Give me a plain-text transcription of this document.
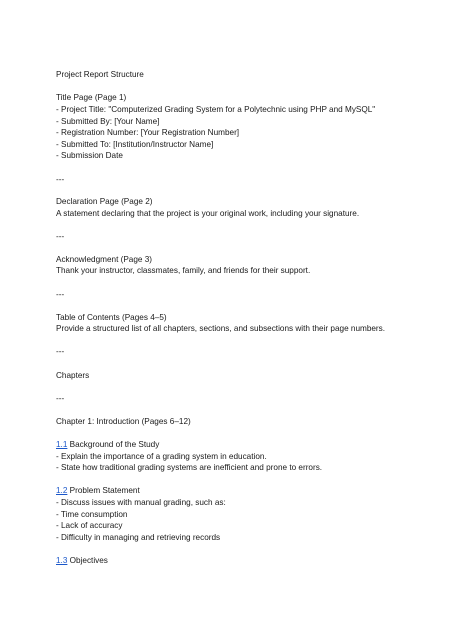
Project Report Structure
Title Page (Page 1)
- Project Title: "Computerized Grading System for a Polytechnic using PHP and MySQL"
- Submitted By: [Your Name]
- Registration Number: [Your Registration Number]
- Submitted To: [Institution/Instructor Name]
- Submission Date
---
Declaration Page (Page 2)
A statement declaring that the project is your original work, including your signature.
---
Acknowledgment (Page 3)
Thank your instructor, classmates, family, and friends for their support.
---
Table of Contents (Pages 4–5)
Provide a structured list of all chapters, sections, and subsections with their page numbers.
---
Chapters
---
Chapter 1: Introduction (Pages 6–12)
1.1 Background of the Study
- Explain the importance of a grading system in education.
- State how traditional grading systems are inefficient and prone to errors.
1.2 Problem Statement
- Discuss issues with manual grading, such as:
- Time consumption
- Lack of accuracy
- Difficulty in managing and retrieving records
1.3 Objectives
